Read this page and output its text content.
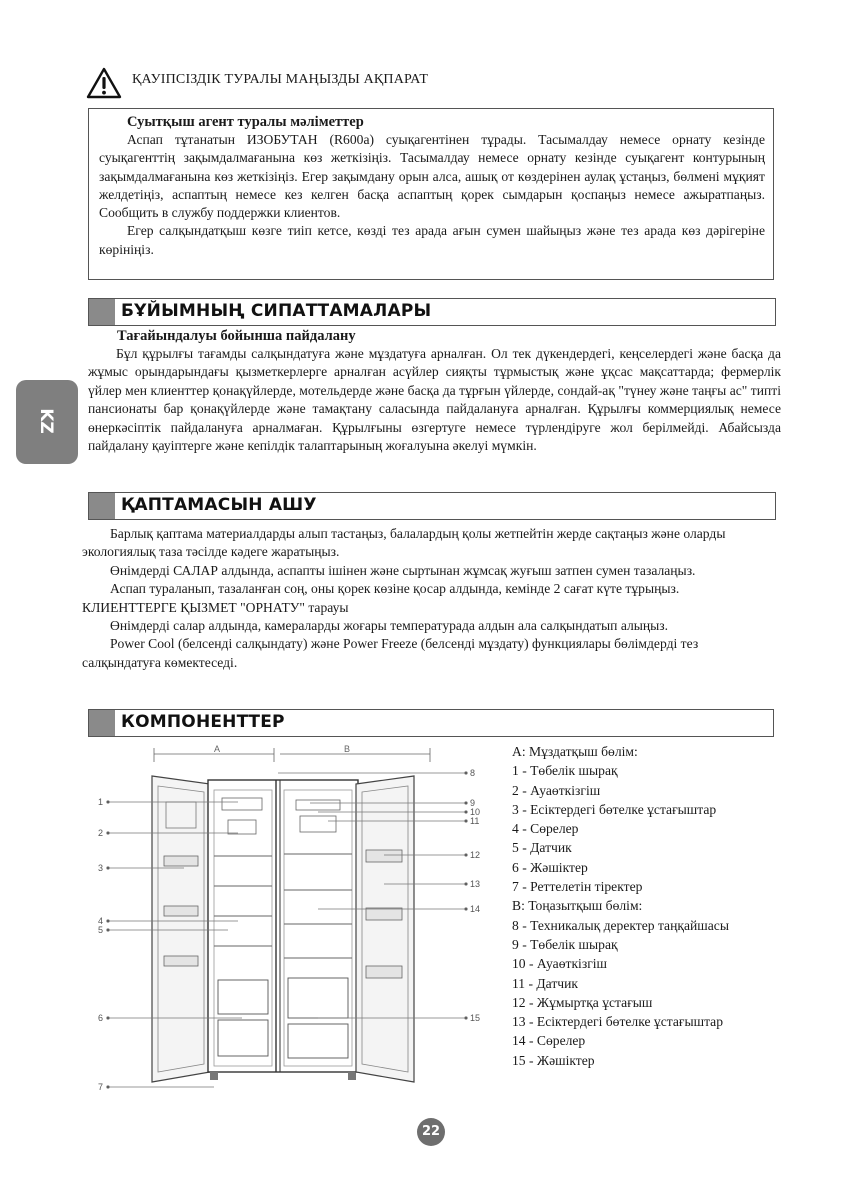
ҚАУІПСІЗДІК ТУРАЛЫ МАҢЫЗДЫ АҚПАРАТ
Суытқыш агент туралы мәліметтер

Аспап тұтанатын ИЗОБУТАН (R600a) суықагентінен тұрады. Тасымалдау немесе орнату кезінде суықагенттің зақымдалмағанына көз жеткізіңіз. Тасымалдау немесе орнату кезінде суықагент контурының зақымдалмағанына көз жеткізіңіз. Егер зақымдану орын алса, ашық от көздерінен аулақ ұстаңыз, бөлмені мұқият желдетіңіз, аспаптың немесе кез келген басқа аспаптың қорек сымдарын қоспаңыз немесе ажыратпаңыз. Сообщить в службу поддержки клиентов.

Егер салқындатқыш көзге тиіп кетсе, көзді тез арада ағын сумен шайыңыз және тез арада көз дәрігеріне көрініңіз.

БҰЙЫМНЫҢ СИПАТТАМАЛАРЫ
Тағайындалуы бойынша пайдалану
Бұл құрылғы тағамды салқындатуға және мұздатуға арналған. Ол тек дүкендердегі, кеңселердегі және басқа да жұмыс орындарындағы қызметкерлерге арналған асүйлер сияқты тұрмыстық және ұқсас мақсаттарда; фермерлік үйлер мен клиенттер қонақүйлерде, мотельдерде және басқа да тұрғын үйлерде, сондай-ақ "түнеу және таңғы ас" типті пансионаты бар қонақүйлерде және тамақтану саласында пайдалануға арналған. Құрылғы коммерциялық немесе өнеркәсіптік пайдалануға арналмаған. Құрылғыны өзгертуге немесе түрлендіруге жол берілмейді. Абайсызда пайдалану қауіптерге және кепілдік талаптарының жоғалуына әкелуі мүмкін.
KZ
ҚАПТАМАСЫН АШУ

Барлық қаптама материалдарды алып тастаңыз, балалардың қолы жетпейтін жерде сақтаңыз және оларды экологиялық таза тәсілде кәдеге жаратыңыз.

Өнімдерді САЛАР алдында, аспапты ішінен және сыртынан жұмсақ жуғыш затпен сумен тазалаңыз.

Аспап тураланып, тазаланған соң, оны қорек көзіне қосар алдында, кемінде 2 сағат күте тұрыңыз. КЛИЕНТТЕРГЕ ҚЫЗМЕТ "ОРНАТУ" тарауы

Өнімдерді салар алдында, камераларды жоғары температурада алдын ала салқындатып алыңыз.

Power Cool (белсенді салқындату) және Power Freeze (белсенді мұздату) функциялары бөлімдерді тез салқындатуға көмектеседі.

КОМПОНЕНТТЕР
A	B
1
2
3
4
5
6
7
8
9
10
11
12
13
14
15
A: Мұздатқыш бөлім:
1 - Төбелік шырақ
2 - Ауаөткізгіш
3 - Есіктердегі бөтелке ұстағыштар
4 - Сөрелер
5 - Датчик
6 - Жәшіктер
7 - Реттелетін тіректер
B: Тоңазытқыш бөлім:
8 - Техникалық деректер таңқайшасы
9 - Төбелік шырақ
10 - Ауаөткізгіш
11 - Датчик
12 - Жұмыртқа ұстағыш
13 - Есіктердегі бөтелке ұстағыштар
14 - Сөрелер
15 - Жәшіктер
22
